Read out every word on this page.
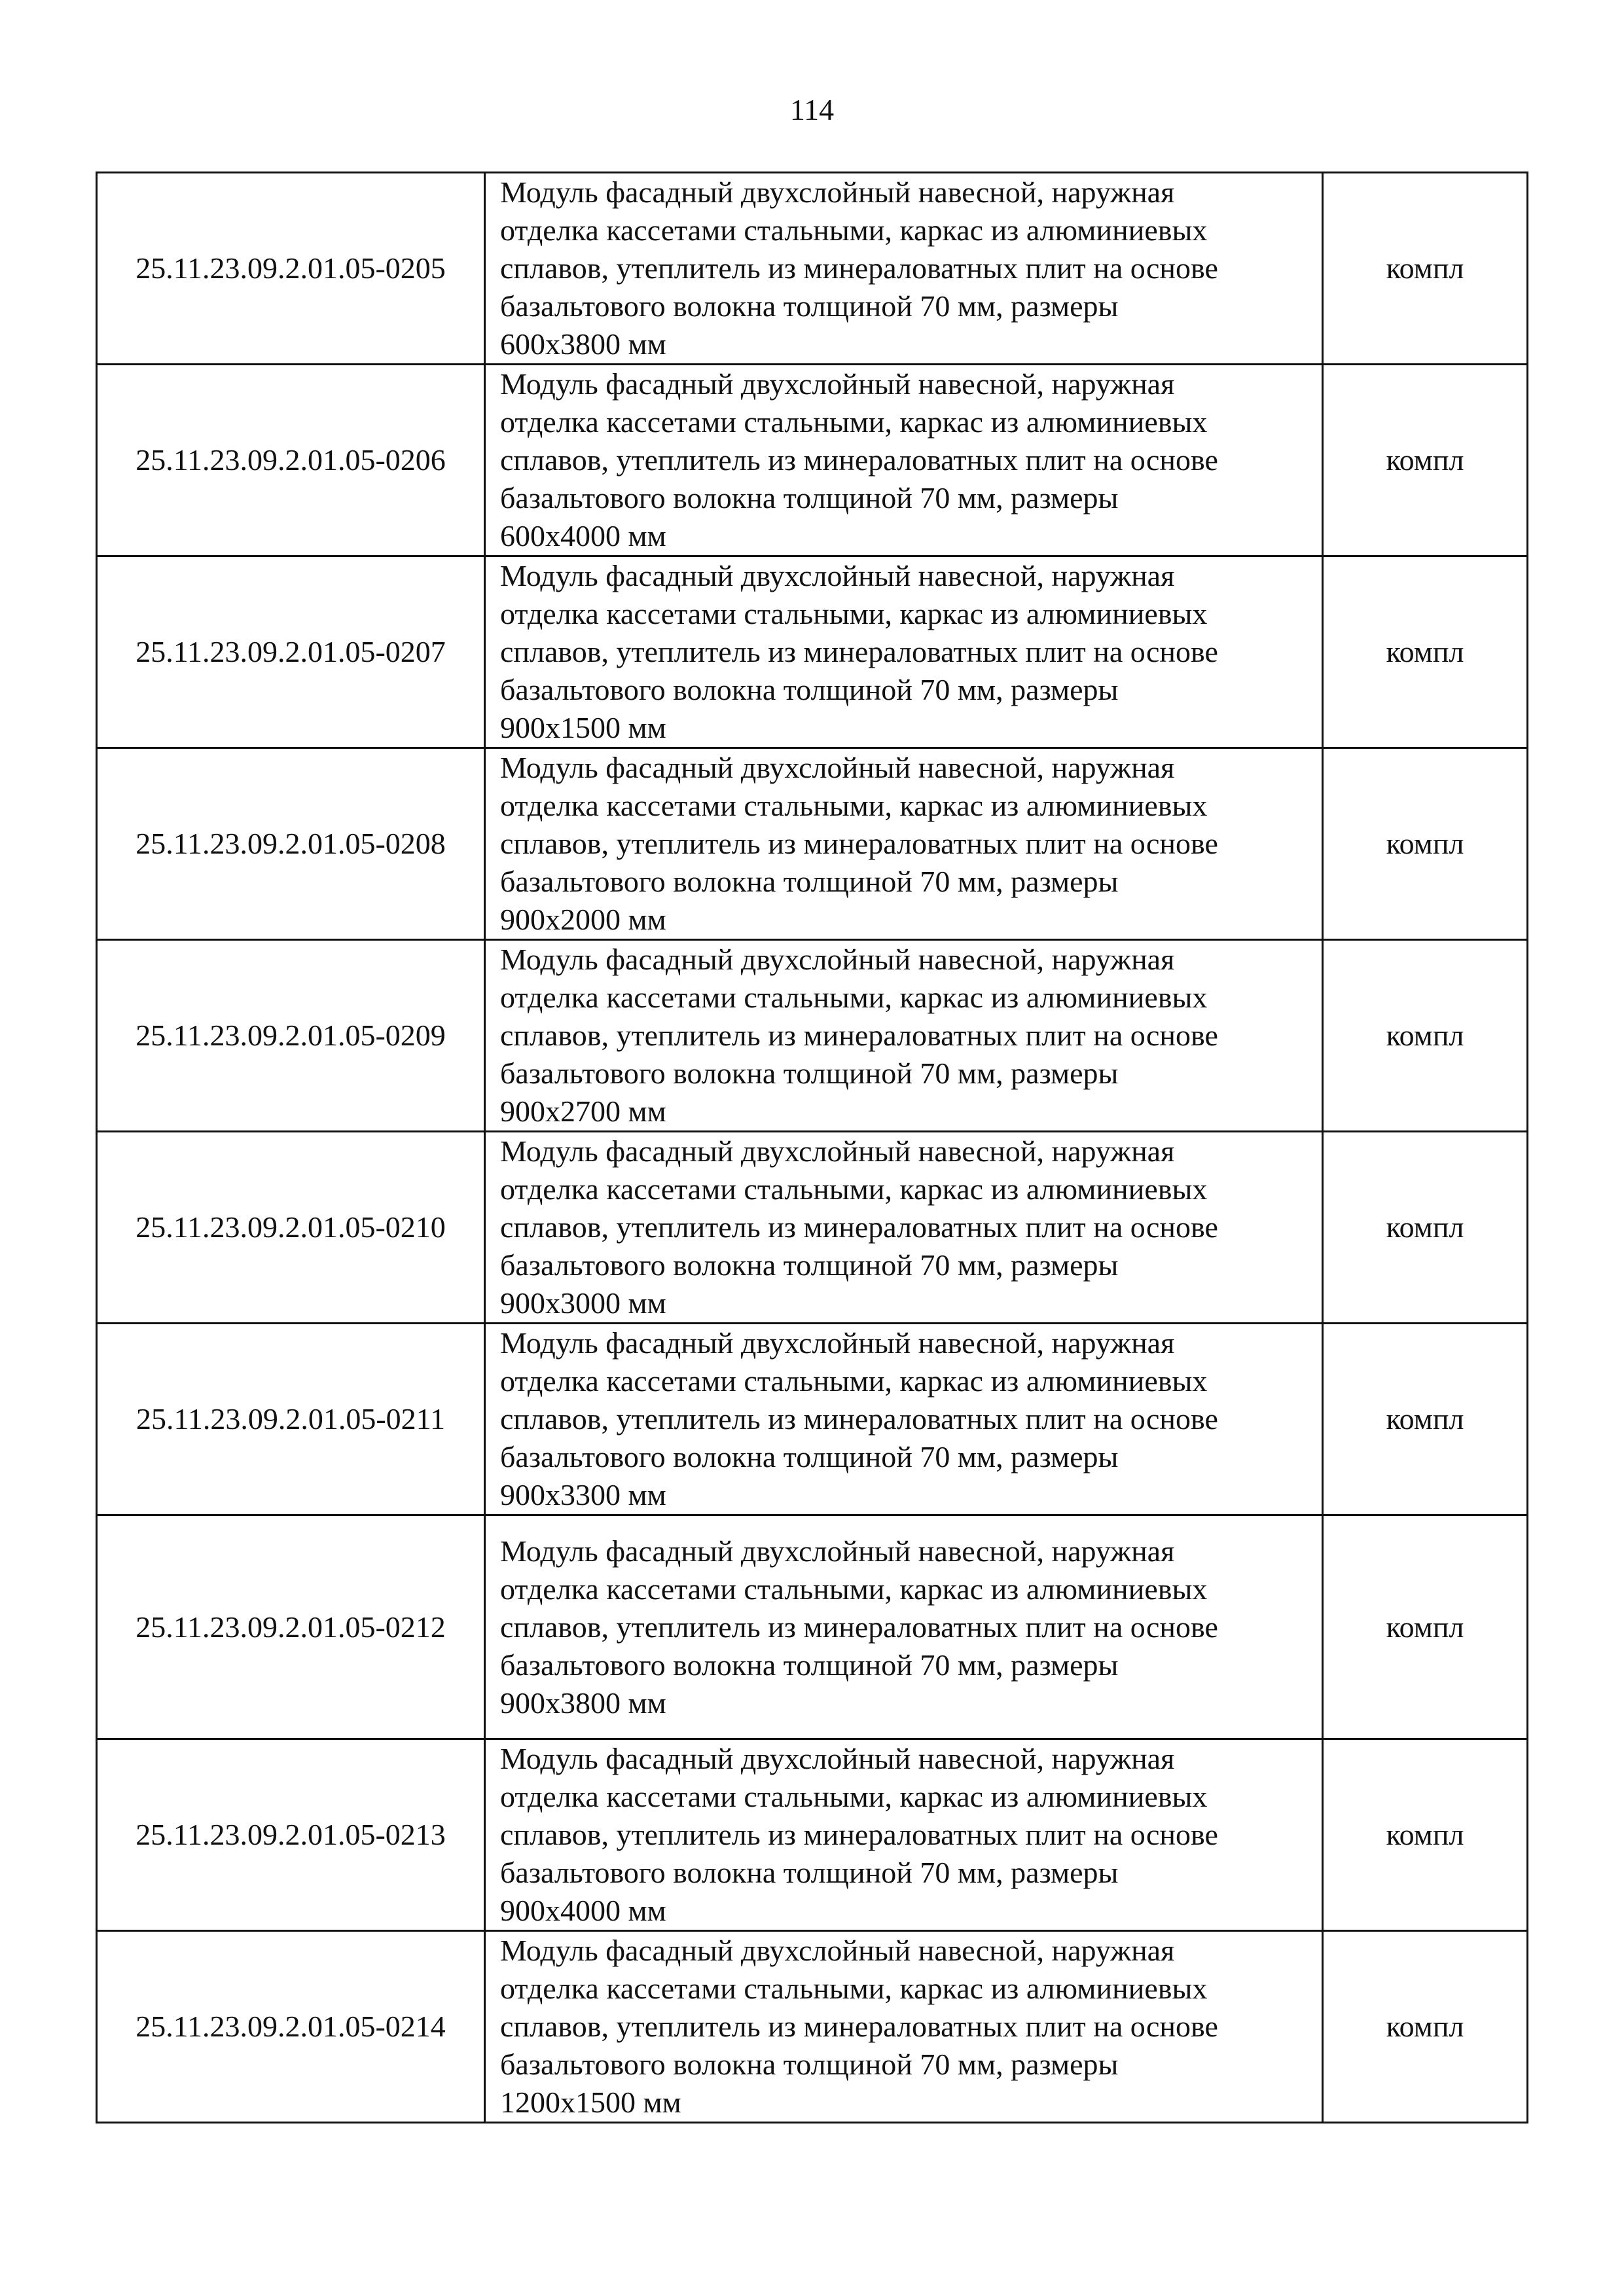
114
25.11.23.09.2.01.05-0205	Модуль фасадный двухслойный навесной, наружная
отделка кассетами стальными, каркас из алюминиевых
сплавов, утеплитель из минераловатных плит на основе
базальтового волокна толщиной 70 мм, размеры
600х3800 мм	компл
25.11.23.09.2.01.05-0206	Модуль фасадный двухслойный навесной, наружная
отделка кассетами стальными, каркас из алюминиевых
сплавов, утеплитель из минераловатных плит на основе
базальтового волокна толщиной 70 мм, размеры
600х4000 мм	компл
25.11.23.09.2.01.05-0207	Модуль фасадный двухслойный навесной, наружная
отделка кассетами стальными, каркас из алюминиевых
сплавов, утеплитель из минераловатных плит на основе
базальтового волокна толщиной 70 мм, размеры
900х1500 мм	компл
25.11.23.09.2.01.05-0208	Модуль фасадный двухслойный навесной, наружная
отделка кассетами стальными, каркас из алюминиевых
сплавов, утеплитель из минераловатных плит на основе
базальтового волокна толщиной 70 мм, размеры
900х2000 мм	компл
25.11.23.09.2.01.05-0209	Модуль фасадный двухслойный навесной, наружная
отделка кассетами стальными, каркас из алюминиевых
сплавов, утеплитель из минераловатных плит на основе
базальтового волокна толщиной 70 мм, размеры
900х2700 мм	компл
25.11.23.09.2.01.05-0210	Модуль фасадный двухслойный навесной, наружная
отделка кассетами стальными, каркас из алюминиевых
сплавов, утеплитель из минераловатных плит на основе
базальтового волокна толщиной 70 мм, размеры
900х3000 мм	компл
25.11.23.09.2.01.05-0211	Модуль фасадный двухслойный навесной, наружная
отделка кассетами стальными, каркас из алюминиевых
сплавов, утеплитель из минераловатных плит на основе
базальтового волокна толщиной 70 мм, размеры
900х3300 мм	компл
25.11.23.09.2.01.05-0212	Модуль фасадный двухслойный навесной, наружная
отделка кассетами стальными, каркас из алюминиевых
сплавов, утеплитель из минераловатных плит на основе
базальтового волокна толщиной 70 мм, размеры
900х3800 мм	компл
25.11.23.09.2.01.05-0213	Модуль фасадный двухслойный навесной, наружная
отделка кассетами стальными, каркас из алюминиевых
сплавов, утеплитель из минераловатных плит на основе
базальтового волокна толщиной 70 мм, размеры
900х4000 мм	компл
25.11.23.09.2.01.05-0214	Модуль фасадный двухслойный навесной, наружная
отделка кассетами стальными, каркас из алюминиевых
сплавов, утеплитель из минераловатных плит на основе
базальтового волокна толщиной 70 мм, размеры
1200х1500 мм	компл
